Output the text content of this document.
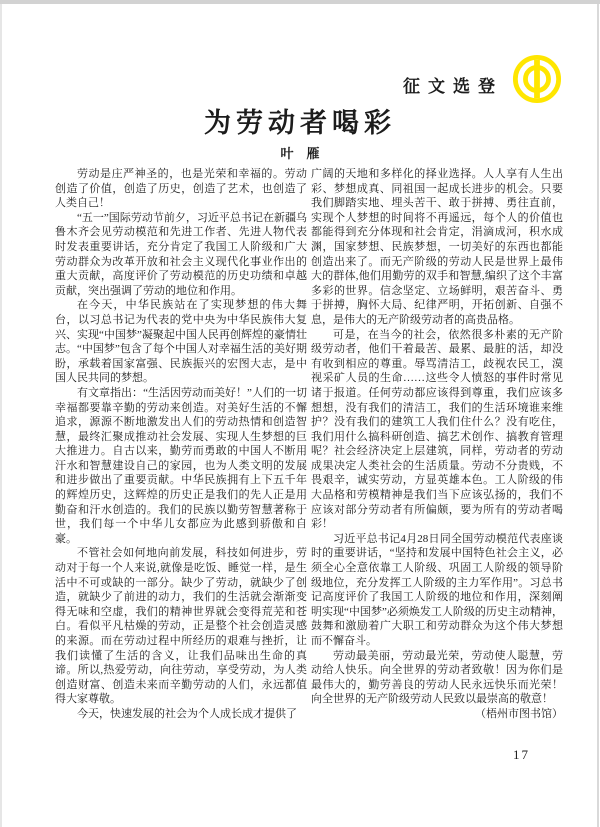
征文选登
为劳动者喝彩
叶　雁

劳动是庄严神圣的，也是光荣和幸福的。劳动创造了价值，创造了历史，创造了艺术，也创造了人类自己！

“五一”国际劳动节前夕，习近平总书记在新疆乌鲁木齐会见劳动模范和先进工作者、先进人物代表时发表重要讲话，充分肯定了我国工人阶级和广大劳动群众为改革开放和社会主义现代化事业作出的重大贡献，高度评价了劳动模范的历史功绩和卓越贡献，突出强调了劳动的地位和作用。

在今天，中华民族站在了实现梦想的伟大舞台，以习总书记为代表的党中央为中华民族伟大复兴、实现“中国梦”凝聚起中国人民再创辉煌的豪情壮志。“中国梦”包含了每个中国人对幸福生活的美好期盼，承载着国家富强、民族振兴的宏图大志，是中国人民共同的梦想。

有文章指出：“生活因劳动而美好！”人们的一切幸福都要靠辛勤的劳动来创造。对美好生活的不懈追求，源源不断地激发出人们的劳动热情和创造智慧，最终汇聚成推动社会发展、实现人生梦想的巨大推进力。自古以来，勤劳而勇敢的中国人不断用汗水和智慧建设自己的家园，也为人类文明的发展和进步做出了重要贡献。中华民族拥有上下五千年的辉煌历史，这辉煌的历史正是我们的先人正是用勤奋和汗水创造的。我们的民族以勤劳智慧著称于世，我们每一个中华儿女都应为此感到骄傲和自豪。

不管社会如何地向前发展，科技如何进步，劳动对于每一个人来说,就像是吃饭、睡觉一样，是生活中不可或缺的一部分。缺少了劳动，就缺少了创造，就缺少了前进的动力，我们的生活就会渐渐变得无味和空虚，我们的精神世界就会变得荒芜和苍白。看似平凡枯燥的劳动，正是整个社会创造灵感的来源。而在劳动过程中所经历的艰难与挫折，让我们读懂了生活的含义，让我们品味出生命的真谛。所以,热爱劳动，向往劳动，享受劳动，为人类创造财富、创造未来而辛勤劳动的人们，永远都值得大家尊敬。

今天，快速发展的社会为个人成长成才提供了

广阔的天地和多样化的择业选择。人人享有人生出彩、梦想成真、同祖国一起成长进步的机会。只要我们脚踏实地、埋头苦干、敢于拼搏、勇往直前，实现个人梦想的时间将不再遥远，每个人的价值也都能得到充分体现和社会肯定，涓滴成河，积水成渊，国家梦想、民族梦想，一切美好的东西也都能创造出来了。而无产阶级的劳动人民是世界上最伟大的群体,他们用勤劳的双手和智慧,编织了这个丰富多彩的世界。信念坚定、立场鲜明，艰苦奋斗、勇于拼搏，胸怀大局、纪律严明，开拓创新、自强不息，是伟大的无产阶级劳动者的高贵品格。

可是，在当今的社会，依然很多朴素的无产阶级劳动者，他们干着最苦、最累、最脏的活，却没有收到相应的尊重。辱骂清洁工，歧视农民工，漠视采矿人员的生命……这些令人愤怒的事件时常见诸于报道。任何劳动都应该得到尊重，我们应该多想想，没有我们的清洁工，我们的生活环境谁来维护？没有我们的建筑工人我们住什么？没有吃住，我们用什么搞科研创造、搞艺术创作、搞教育管理呢？社会经济决定上层建筑，同样，劳动者的劳动成果决定人类社会的生活质量。劳动不分贵贱，不畏艰辛，诚实劳动，方显英雄本色。工人阶级的伟大品格和劳模精神是我们当下应该弘扬的，我们不应该对部分劳动者有所偏颇，要为所有的劳动者喝彩！

习近平总书记4月28日同全国劳动模范代表座谈时的重要讲话，“坚持和发展中国特色社会主义，必须全心全意依靠工人阶级、巩固工人阶级的领导阶级地位，充分发挥工人阶级的主力军作用”。习总书记高度评价了我国工人阶级的地位和作用，深刻阐明实现“中国梦”必须焕发工人阶级的历史主动精神，鼓舞和激励着广大职工和劳动群众为这个伟大梦想而不懈奋斗。

劳动最美丽，劳动最光荣，劳动使人聪慧，劳动给人快乐。向全世界的劳动者致敬！因为你们是最伟大的，勤劳善良的劳动人民永远快乐而光荣！向全世界的无产阶级劳动人民致以最崇高的敬意！
（梧州市图书馆）

17
